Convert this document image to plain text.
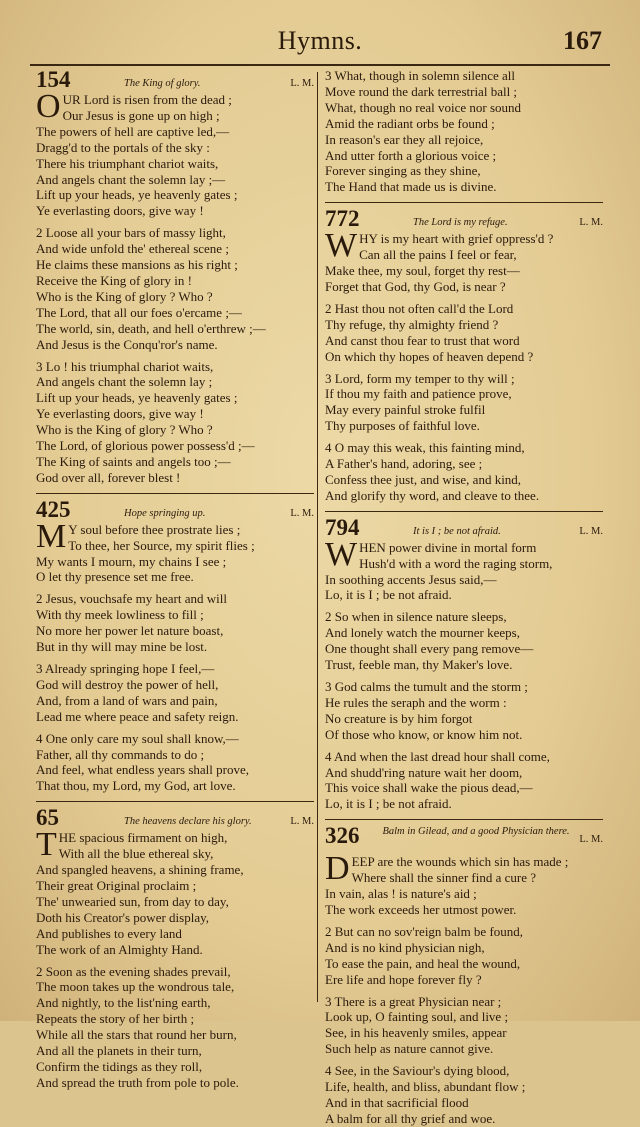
Hymns.	167
154	The King of glory.	L. M.
OUR Lord is risen from the dead ;
Our Jesus is gone up on high ;
The powers of hell are captive led,—
Dragg'd to the portals of the sky :
There his triumphant chariot waits,
And angels chant the solemn lay ;—
Lift up your heads, ye heavenly gates ;
Ye everlasting doors, give way !
2 Loose all your bars of massy light,
And wide unfold the' ethereal scene ;
He claims these mansions as his right ;
Receive the King of glory in !
Who is the King of glory ? Who ?
The Lord, that all our foes o'ercame ;—
The world, sin, death, and hell o'erthrew ;—
And Jesus is the Conqu'ror's name.
3 Lo ! his triumphal chariot waits,
And angels chant the solemn lay ;
Lift up your heads, ye heavenly gates ;
Ye everlasting doors, give way !
Who is the King of glory ? Who ?
The Lord, of glorious power possess'd ;—
The King of saints and angels too ;—
God over all, forever blest !
425	Hope springing up.	L. M.
M Y soul before thee prostrate lies ;
To thee, her Source, my spirit flies ;
My wants I mourn, my chains I see ;
O let thy presence set me free.
2 Jesus, vouchsafe my heart and will
With thy meek lowliness to fill ;
No more her power let nature boast,
But in thy will may mine be lost.
3 Already springing hope I feel,—
God will destroy the power of hell,
And, from a land of wars and pain,
Lead me where peace and safety reign.
4 One only care my soul shall know,—
Father, all thy commands to do ;
And feel, what endless years shall prove,
That thou, my Lord, my God, art love.
65	The heavens declare his glory.	L. M.
THE spacious firmament on high,
With all the blue ethereal sky,
And spangled heavens, a shining frame,
Their great Original proclaim ;
The' unwearied sun, from day to day,
Doth his Creator's power display,
And publishes to every land
The work of an Almighty Hand.
2 Soon as the evening shades prevail,
The moon takes up the wondrous tale,
And nightly, to the list'ning earth,
Repeats the story of her birth ;
While all the stars that round her burn,
And all the planets in their turn,
Confirm the tidings as they roll,
And spread the truth from pole to pole.
3 What, though in solemn silence all
Move round the dark terrestrial ball ;
What, though no real voice nor sound
Amid the radiant orbs be found ;
In reason's ear they all rejoice,
And utter forth a glorious voice ;
Forever singing as they shine,
The Hand that made us is divine.
772	The Lord is my refuge.	L. M.
WHY is my heart with grief oppress'd ?
Can all the pains I feel or fear,
Make thee, my soul, forget thy rest—
Forget that God, thy God, is near ?
2 Hast thou not often call'd the Lord
Thy refuge, thy almighty friend ?
And canst thou fear to trust that word
On which thy hopes of heaven depend ?
3 Lord, form my temper to thy will ;
If thou my faith and patience prove,
May every painful stroke fulfil
Thy purposes of faithful love.
4 O may this weak, this fainting mind,
A Father's hand, adoring, see ;
Confess thee just, and wise, and kind,
And glorify thy word, and cleave to thee.
794	It is I ; be not afraid.	L. M.
WHEN power divine in mortal form
Hush'd with a word the raging storm,
In soothing accents Jesus said,—
Lo, it is I ; be not afraid.
2 So when in silence nature sleeps,
And lonely watch the mourner keeps,
One thought shall every pang remove—
Trust, feeble man, thy Maker's love.
3 God calms the tumult and the storm ;
He rules the seraph and the worm :
No creature is by him forgot
Of those who know, or know him not.
4 And when the last dread hour shall come,
And shudd'ring nature wait her doom,
This voice shall wake the pious dead,—
Lo, it is I ; be not afraid.
326 Balm in Gilead, and a good Physician there.
L. M.
DEEP are the wounds which sin has made ;
Where shall the sinner find a cure ?
In vain, alas ! is nature's aid ;
The work exceeds her utmost power.
2 But can no sov'reign balm be found,
And is no kind physician nigh,
To ease the pain, and heal the wound,
Ere life and hope forever fly ?
3 There is a great Physician near ;
Look up, O fainting soul, and live ;
See, in his heavenly smiles, appear
Such help as nature cannot give.
4 See, in the Saviour's dying blood,
Life, health, and bliss, abundant flow ;
And in that sacrificial flood
A balm for all thy grief and woe.
